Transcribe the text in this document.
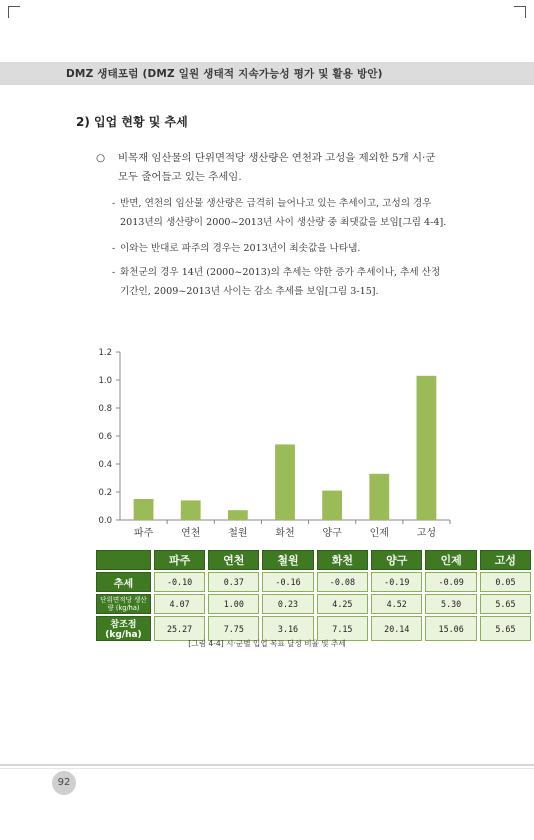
DMZ 생태포럼 (DMZ 일원 생태적 지속가능성 평가 및 활용 방안)
2) 입업 현황 및 추세
○ 비목재 임산물의 단위면적당 생산량은 연천과 고성을 제외한 5개 시·군
모두 줄어들고 있는 추세임.
- 반면, 연천의 임산물 생산량은 급격히 늘어나고 있는 추세이고, 고성의 경우
2013년의 생산량이 2000~2013년 사이 생산량 중 최댓값을 보임[그림 4-4].
- 이와는 반대로 파주의 경우는 2013년이 최솟값을 나타냄.
- 화천군의 경우 14년 (2000~2013)의 추세는 약한 증가 추세이나, 추세 산정
기간인, 2009~2013년 사이는 감소 추세를 보임[그림 3-15].
0.0
0.2
0.4
0.6
0.8
1.0
1.2
파주	연천	철원	화천	양구	인제	고성
	파주	연천	철원	화천	양구	인제	고성
추세	-0.10	0.37	-0.16	-0.08	-0.19	-0.09	0.05
단위면적당 생산량 (kg/ha)	4.07	1.00	0.23	4.25	4.52	5.30	5.65
참조점(kg/ha)	25.27	7.75	3.16	7.15	20.14	15.06	5.65
[그림 4-4] 시·군별 입업 목표 달성 비율 및 추세
92
